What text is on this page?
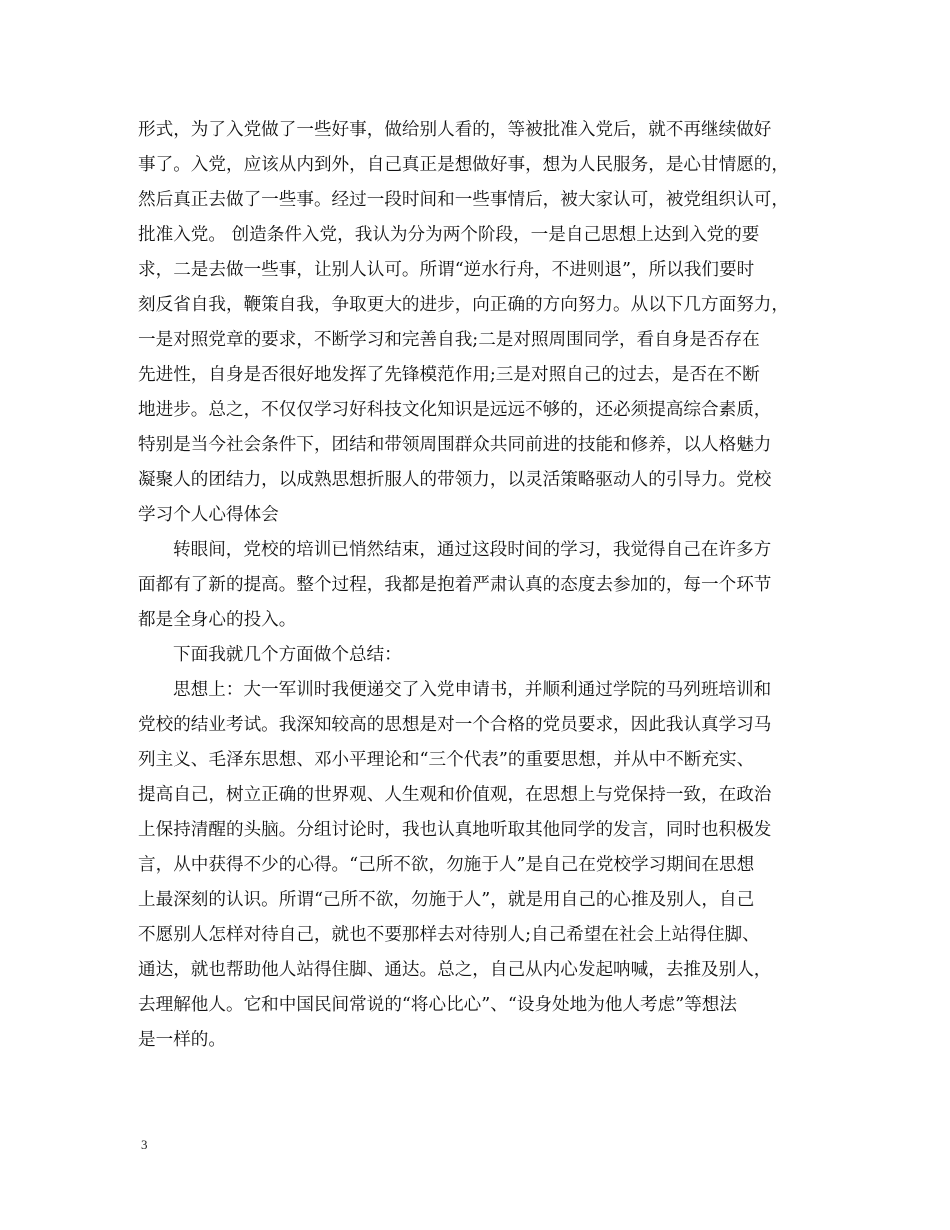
形式，为了入党做了一些好事，做给别人看的，等被批准入党后，就不再继续做好
事了。入党，应该从内到外，自己真正是想做好事，想为人民服务，是心甘情愿的，
然后真正去做了一些事。经过一段时间和一些事情后，被大家认可，被党组织认可，
批准入党。 创造条件入党，我认为分为两个阶段，一是自己思想上达到入党的要
求，二是去做一些事，让别人认可。所谓“逆水行舟，不进则退”，所以我们要时
刻反省自我，鞭策自我，争取更大的进步，向正确的方向努力。从以下几方面努力，
一是对照党章的要求，不断学习和完善自我;二是对照周围同学，看自身是否存在
先进性，自身是否很好地发挥了先锋模范作用;三是对照自己的过去，是否在不断
地进步。总之，不仅仅学习好科技文化知识是远远不够的，还必须提高综合素质，
特别是当今社会条件下，团结和带领周围群众共同前进的技能和修养，以人格魅力
凝聚人的团结力，以成熟思想折服人的带领力，以灵活策略驱动人的引导力。党校
学习个人心得体会
转眼间，党校的培训已悄然结束，通过这段时间的学习，我觉得自己在许多方
面都有了新的提高。整个过程，我都是抱着严肃认真的态度去参加的，每一个环节
都是全身心的投入。
下面我就几个方面做个总结：
思想上：大一军训时我便递交了入党申请书，并顺利通过学院的马列班培训和
党校的结业考试。我深知较高的思想是对一个合格的党员要求，因此我认真学习马
列主义、毛泽东思想、邓小平理论和“三个代表”的重要思想，并从中不断充实、
提高自己，树立正确的世界观、人生观和价值观，在思想上与党保持一致，在政治
上保持清醒的头脑。分组讨论时，我也认真地听取其他同学的发言，同时也积极发
言，从中获得不少的心得。“己所不欲，勿施于人”是自己在党校学习期间在思想
上最深刻的认识。所谓“己所不欲，勿施于人”，就是用自己的心推及别人，自己
不愿别人怎样对待自己，就也不要那样去对待别人;自己希望在社会上站得住脚、
通达，就也帮助他人站得住脚、通达。总之，自己从内心发起呐喊，去推及别人，
去理解他人。它和中国民间常说的“将心比心”、“设身处地为他人考虑”等想法
是一样的。
3
